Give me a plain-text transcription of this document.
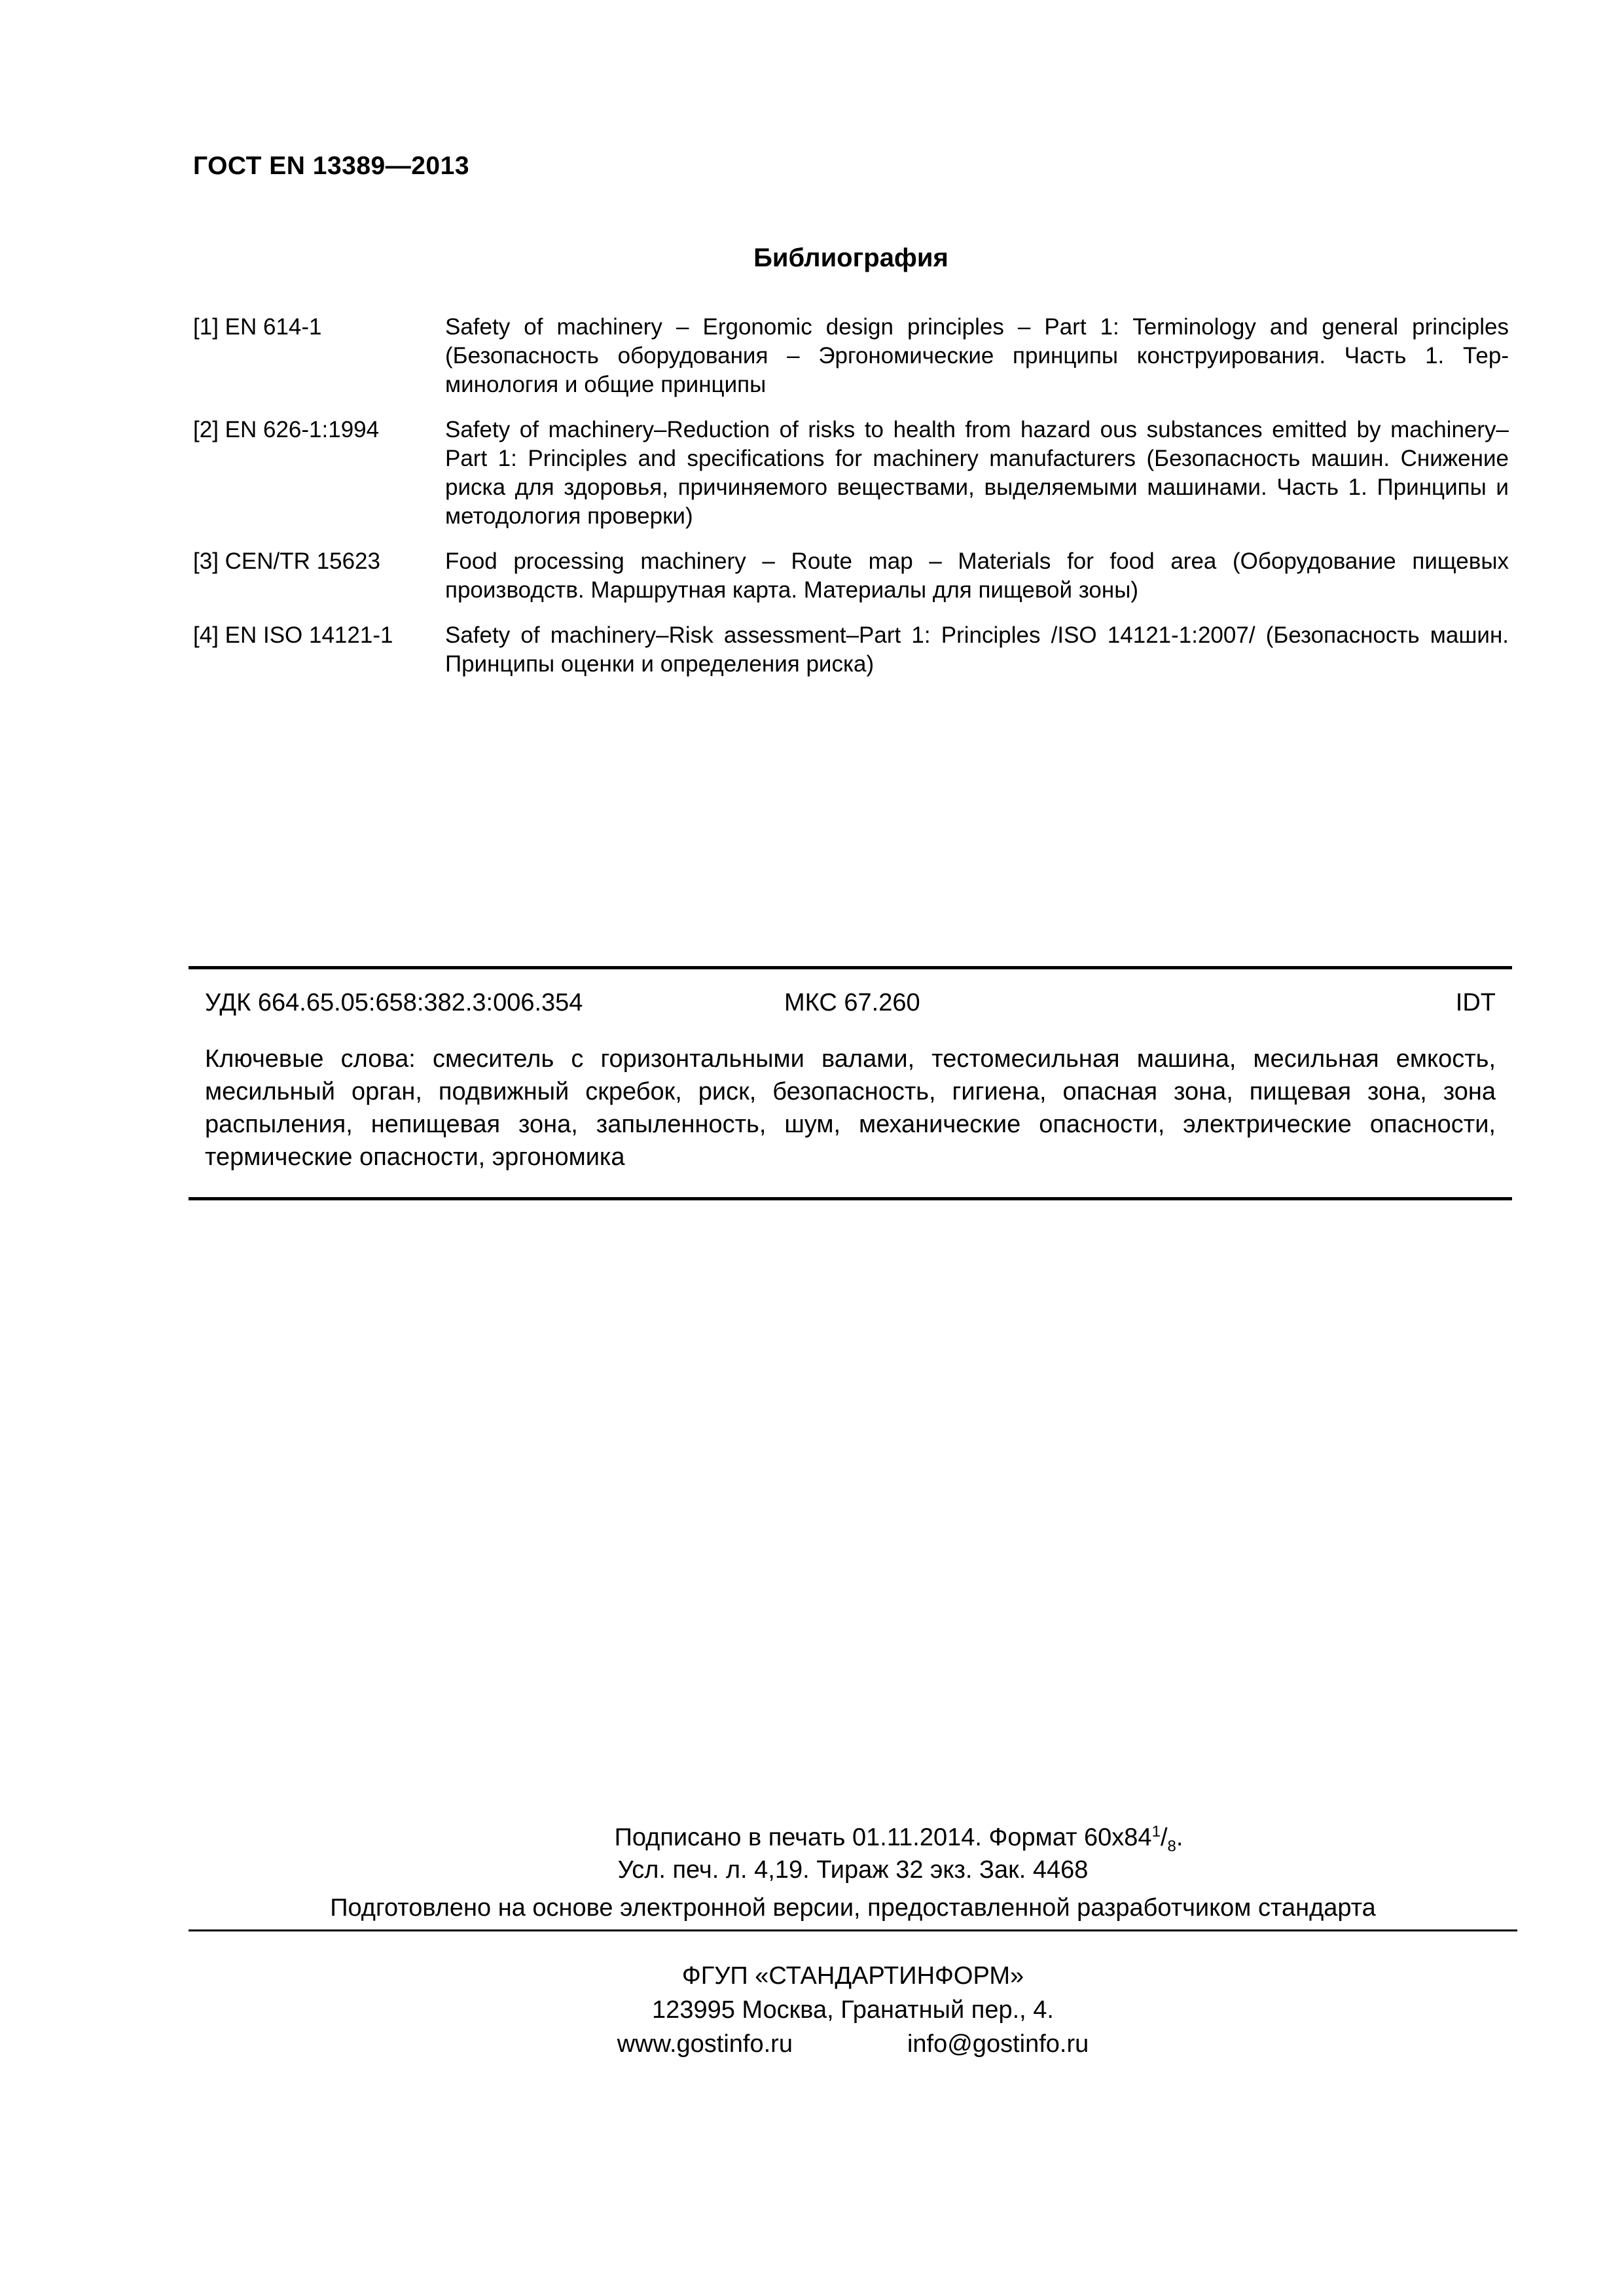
ГОСТ EN 13389—2013
Библиография
[1] EN 614-1	Safety of machinery – Ergonomic design principles – Part 1: Terminology and general principles (Безопасность оборудования – Эргономические принципы конструирования. Часть 1. Терминология и общие принципы
[2] EN 626-1:1994	Safety of machinery–Reduction of risks to health from hazard ous substances emitted by machinery–Part 1: Principles and specifications for machinery manufacturers (Безопасность машин. Снижение риска для здоровья, причиняемого веществами, выделяемыми машинами. Часть 1. Принципы и методология проверки)
[3] CEN/TR 15623	Food processing machinery – Route map – Materials for food area (Оборудование пищевых производств. Маршрутная карта. Материалы для пищевой зоны)
[4] EN ISO 14121-1 Safety of machinery–Risk assessment–Part 1: Principles /ISO 14121-1:2007/ (Безопасность машин. Принципы оценки и определения риска)
УДК 664.65.05:658:382.3:006.354	МКС 67.260	IDT
Ключевые слова: смеситель с горизонтальными валами, тестомесильная машина, месильная емкость, месильный орган, подвижный скребок, риск, безопасность, гигиена, опасная зона, пищевая зона, зона распыления, непищевая зона, запыленность, шум, механические опасности, электрические опасности, термические опасности, эргономика
Подписано в печать 01.11.2014. Формат $60x84^1/_8$.
Усл. печ. л. 4,19. Тираж 32 экз. Зак. 4468
Подготовлено на основе электронной версии, предоставленной разработчиком стандарта
ФГУП «СТАНДАРТИНФОРМ»
123995 Москва, Гранатный пер., 4.
www.gostinfo.ru	info@gostinfo.ru
